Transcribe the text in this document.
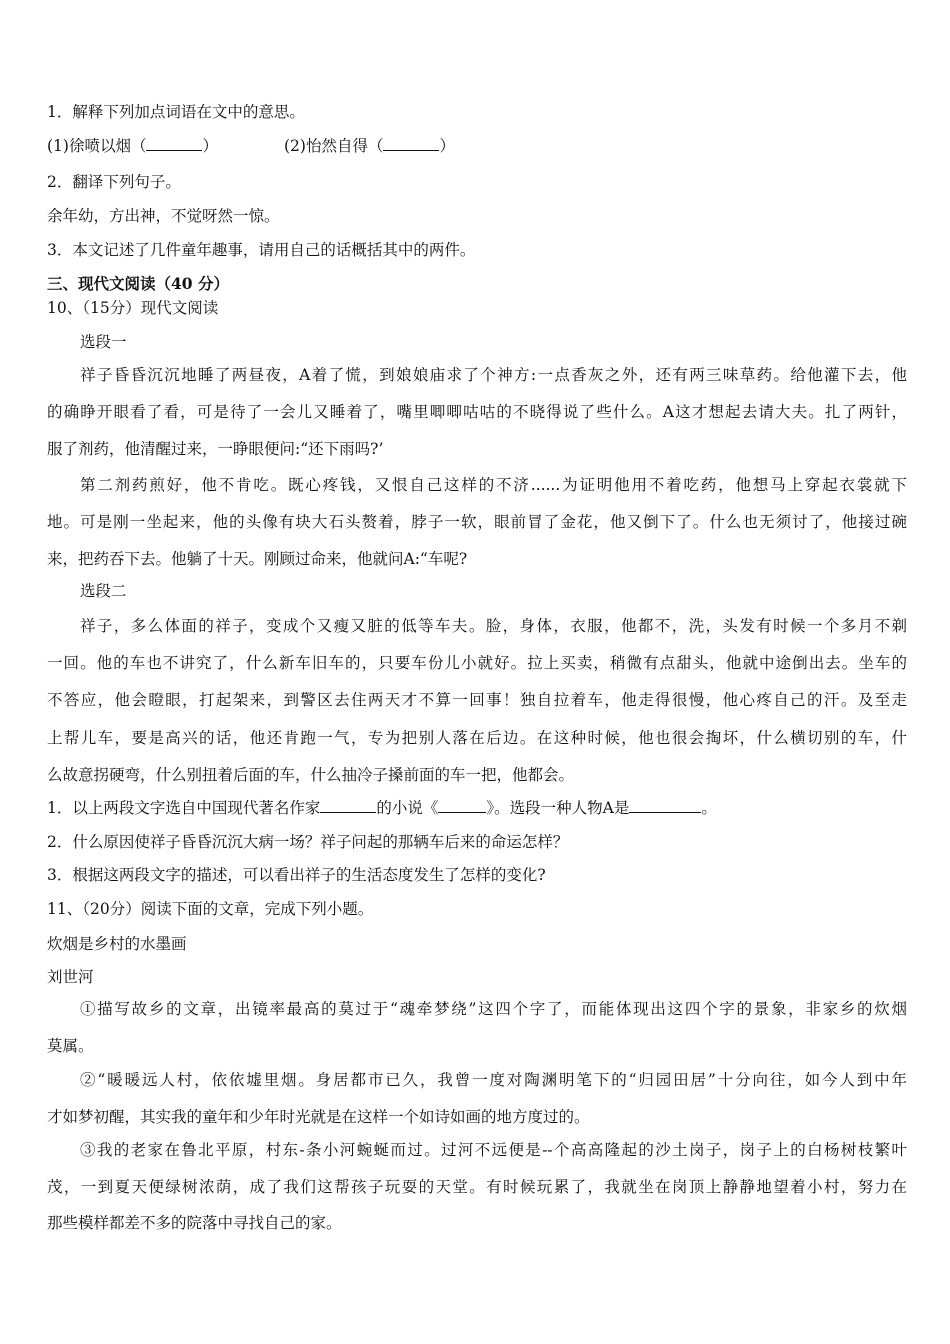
1．解释下列加点词语在文中的意思。
(1)徐喷以烟（	）	(2)怡然自得（	）
2．翻译下列句子。
余年幼，方出神，不觉呀然一惊。
3．本文记述了几件童年趣事，请用自己的话概括其中的两件。
三、现代文阅读（40 分）
10、（15分）现代文阅读
选段一
祥子昏昏沉沉地睡了两昼夜，A着了慌，到娘娘庙求了个神方:一点香灰之外，还有两三味草药。给他灌下去，他
的确睁开眼看了看，可是待了一会儿又睡着了，嘴里唧唧咕咕的不晓得说了些什么。A这才想起去请大夫。扎了两针，
服了剂药，他清醒过来，一睁眼便问:“还下雨吗?’
第二剂药煎好，他不肯吃。既心疼钱，又恨自己这样的不济......为证明他用不着吃药，他想马上穿起衣裳就下
地。可是刚一坐起来，他的头像有块大石头赘着，脖子一软，眼前冒了金花，他又倒下了。什么也无须讨了，他接过碗
来，把药吞下去。他躺了十天。刚顾过命来，他就问A:“车呢?
选段二
祥子，多么体面的祥子，变成个又瘦又脏的低等车夫。脸，身体，衣服，他都不，洗，头发有时候一个多月不剃
一回。他的车也不讲究了，什么新车旧车的，只要车份儿小就好。拉上买卖，稍微有点甜头，他就中途倒出去。坐车的
不答应，他会瞪眼，打起架来，到警区去住两天才不算一回事！独自拉着车，他走得很慢，他心疼自己的汗。及至走
上帮儿车，要是高兴的话，他还肯跑一气，专为把别人落在后边。在这种时候，他也很会掏坏，什么横切别的车，什
么故意拐硬弯，什么别扭着后面的车，什么抽冷子搡前面的车一把，他都会。
1．以上两段文字选自中国现代著名作家	的小说《	》。选段一种人物A是	。
2．什么原因使祥子昏昏沉沉大病一场？祥子问起的那辆车后来的命运怎样？
3．根据这两段文字的描述，可以看出祥子的生活态度发生了怎样的变化?
11、（20分）阅读下面的文章，完成下列小题。
炊烟是乡村的水墨画
刘世河
①描写故乡的文章，出镜率最高的莫过于“魂牵梦绕”这四个字了，而能体现出这四个字的景象，非家乡的炊烟
莫属。
②“暖暖远人村，依依墟里烟。身居都市已久，我曾一度对陶渊明笔下的“归园田居”十分向往，如今人到中年
才如梦初醒，其实我的童年和少年时光就是在这样一个如诗如画的地方度过的。
③我的老家在鲁北平原，村东-条小河蜿蜒而过。过河不远便是--个高高隆起的沙土岗子，岗子上的白杨树枝繁叶
茂，一到夏天便绿树浓荫，成了我们这帮孩子玩耍的天堂。有时候玩累了，我就坐在岗顶上静静地望着小村，努力在
那些模样都差不多的院落中寻找自己的家。
